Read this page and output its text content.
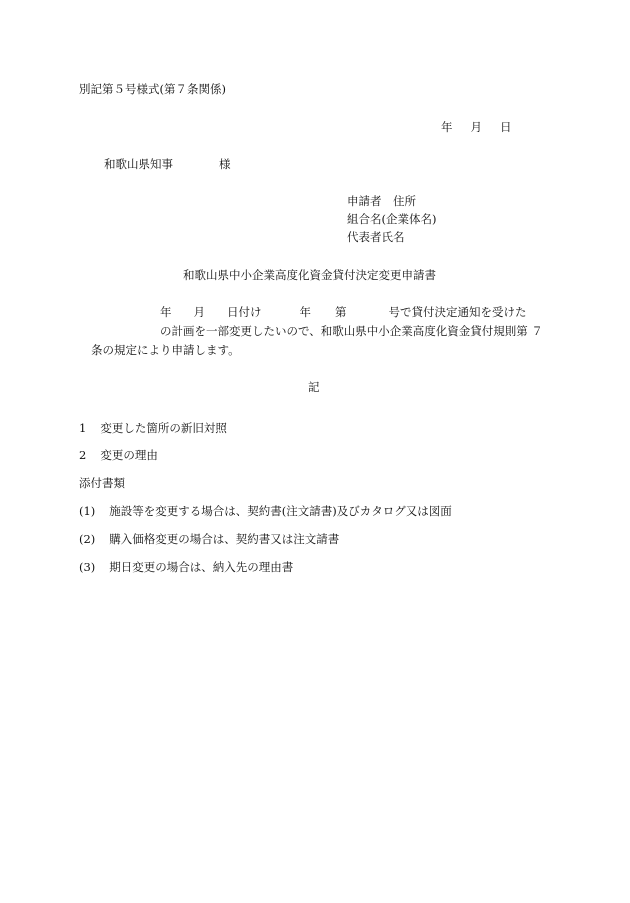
別記第５号様式(第７条関係)
年 月 日
和歌山県知事	様
申請者　住所
組合名(企業体名)
代表者氏名
和歌山県中小企業高度化資金貸付決定変更申請書
年 月 日付け	年 第	号で貸付決定通知を受けた
の計画を一部変更したいので、和歌山県中小企業高度化資金貸付規則第 ７
条の規定により申請します。
記
1 変更した箇所の新旧対照
2 変更の理由
添付書類
(1) 施設等を変更する場合は、契約書(注文請書)及びカタログ又は図面
(2) 購入価格変更の場合は、契約書又は注文請書
(3) 期日変更の場合は、納入先の理由書
